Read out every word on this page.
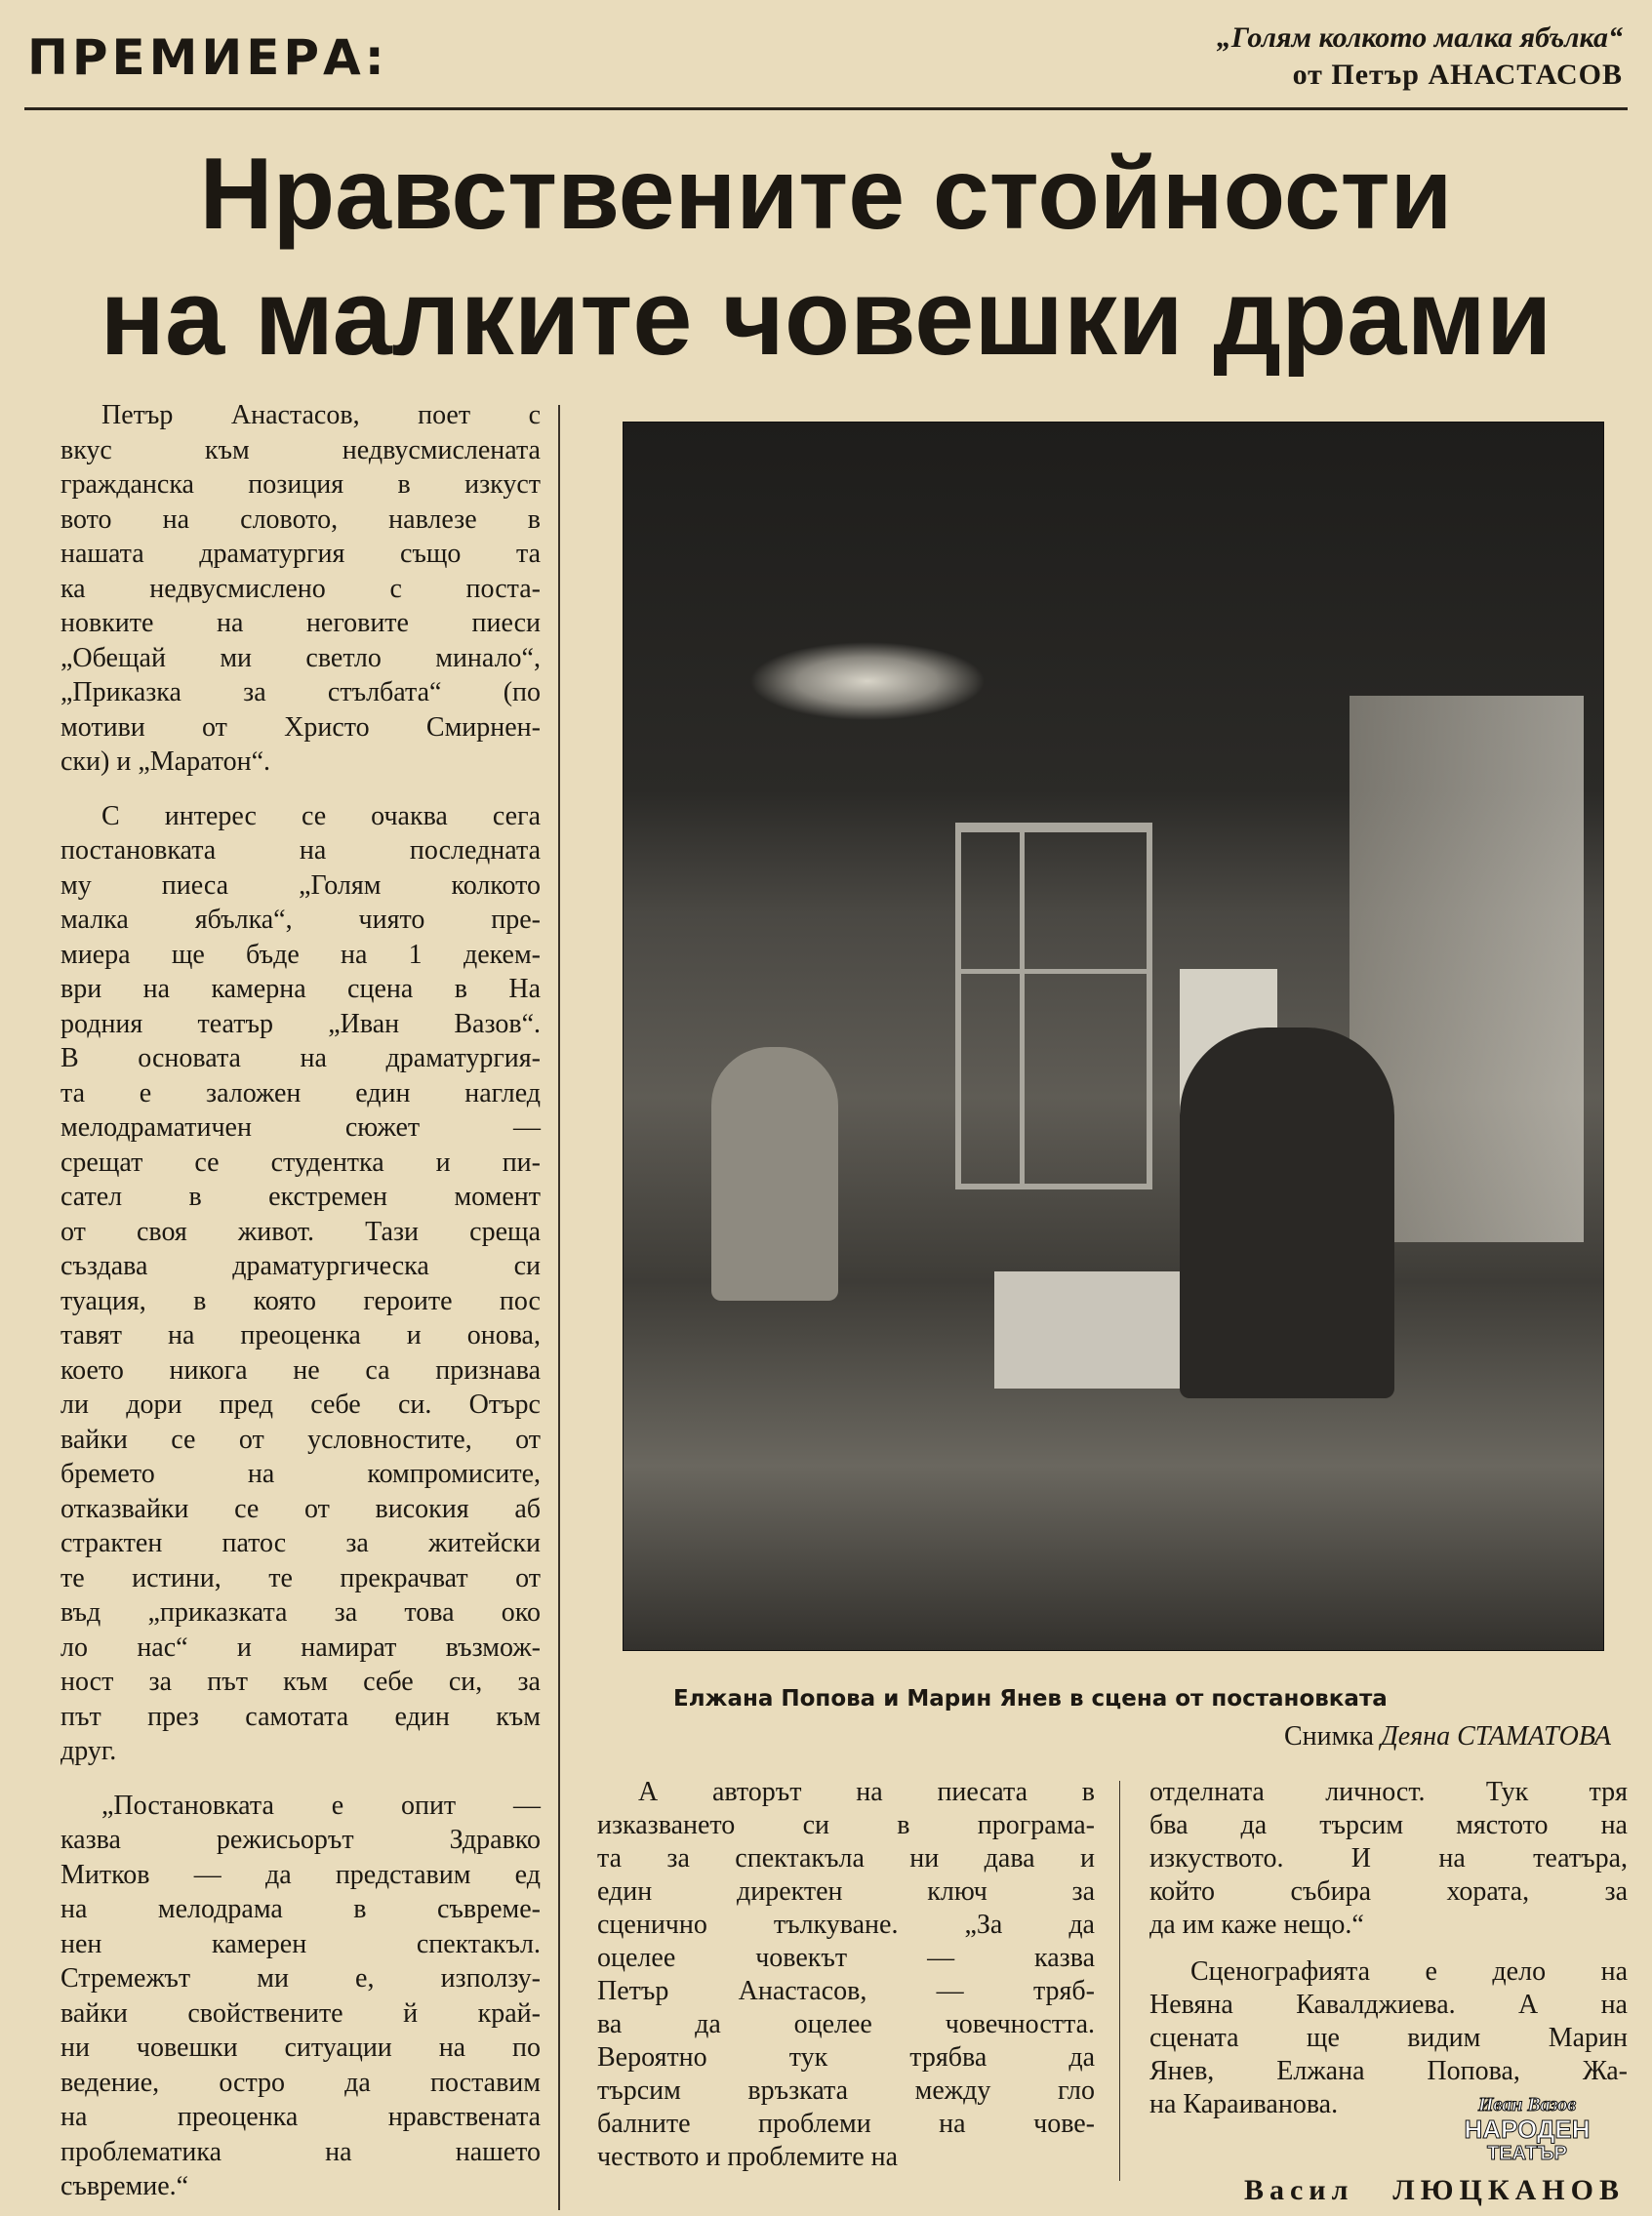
ПРЕМИЕРА:	„Голям колкото малка ябълка“
от Петър АНАСТАСОВ
Нравствените стойности
на малките човешки драми
Петър Анастасов, поет с
вкус към недвусмислената
гражданска позиция в изкуст
вото на словото, навлезе в
нашата драматургия също та
ка недвусмислено с поста-
новките на неговите пиеси
„Обещай ми светло минало“,
„Приказка за стълбата“ (по
мотиви от Христо Смирнен-
ски) и „Маратон“.
С интерес се очаква сега
постановката на последната
му пиеса „Голям колкото
малка ябълка“, чиято пре-
миера ще бъде на 1 декем-
ври на камерна сцена в На
родния театър „Иван Вазов“.
В основата на драматургия-
та е заложен един наглед
мелодраматичен сюжет —
срещат се студентка и пи-
сател в екстремен момент
от своя живот. Тази среща
създава драматургическа си
туация, в която героите пос
тавят на преоценка и онова,
което никога не са признава
ли дори пред себе си. Отърс
вайки се от условностите, от
бремето на компромисите,
отказвайки се от високия аб
страктен патос за житейски
те истини, те прекрачват от
въд „приказката за това око
ло нас“ и намират възмож-
ност за път към себе си, за
път през самотата един към
друг.
„Постановката е опит —
казва режисьорът Здравко
Митков — да представим ед
на мелодрама в съвреме-
нен камерен спектакъл.
Стремежът ми е, използу-
вайки свойствените й край-
ни човешки ситуации на по
ведение, остро да поставим
на преоценка нравствената
проблематика на нашето
съвремие.“
Елжана Попова и Марин Янев в сцена от постановката
Снимка Деяна СТАМАТОВА
А авторът на пиесата в
изказването си в програма-
та за спектакъла ни дава и
един директен ключ за
сценично тълкуване. „За да
оцелее човекът — казва
Петър Анастасов, — тряб-
ва да оцелее човечността.
Вероятно тук трябва да
търсим връзката между гло
балните проблеми на чове-
чеството и проблемите на
отделната личност. Тук тря
бва да търсим мястото на
изкуството. И на театъра,
който събира хората, за
да им каже нещо.“
Сценографията е дело на
Невяна Кавалджиева. А на
сцената ще видим Марин
Янев, Елжана Попова, Жа-
на Караиванова.	Иван Вазов
НАРОДЕН
ТЕАТЪР
Васил ЛЮЦКАНОВ
